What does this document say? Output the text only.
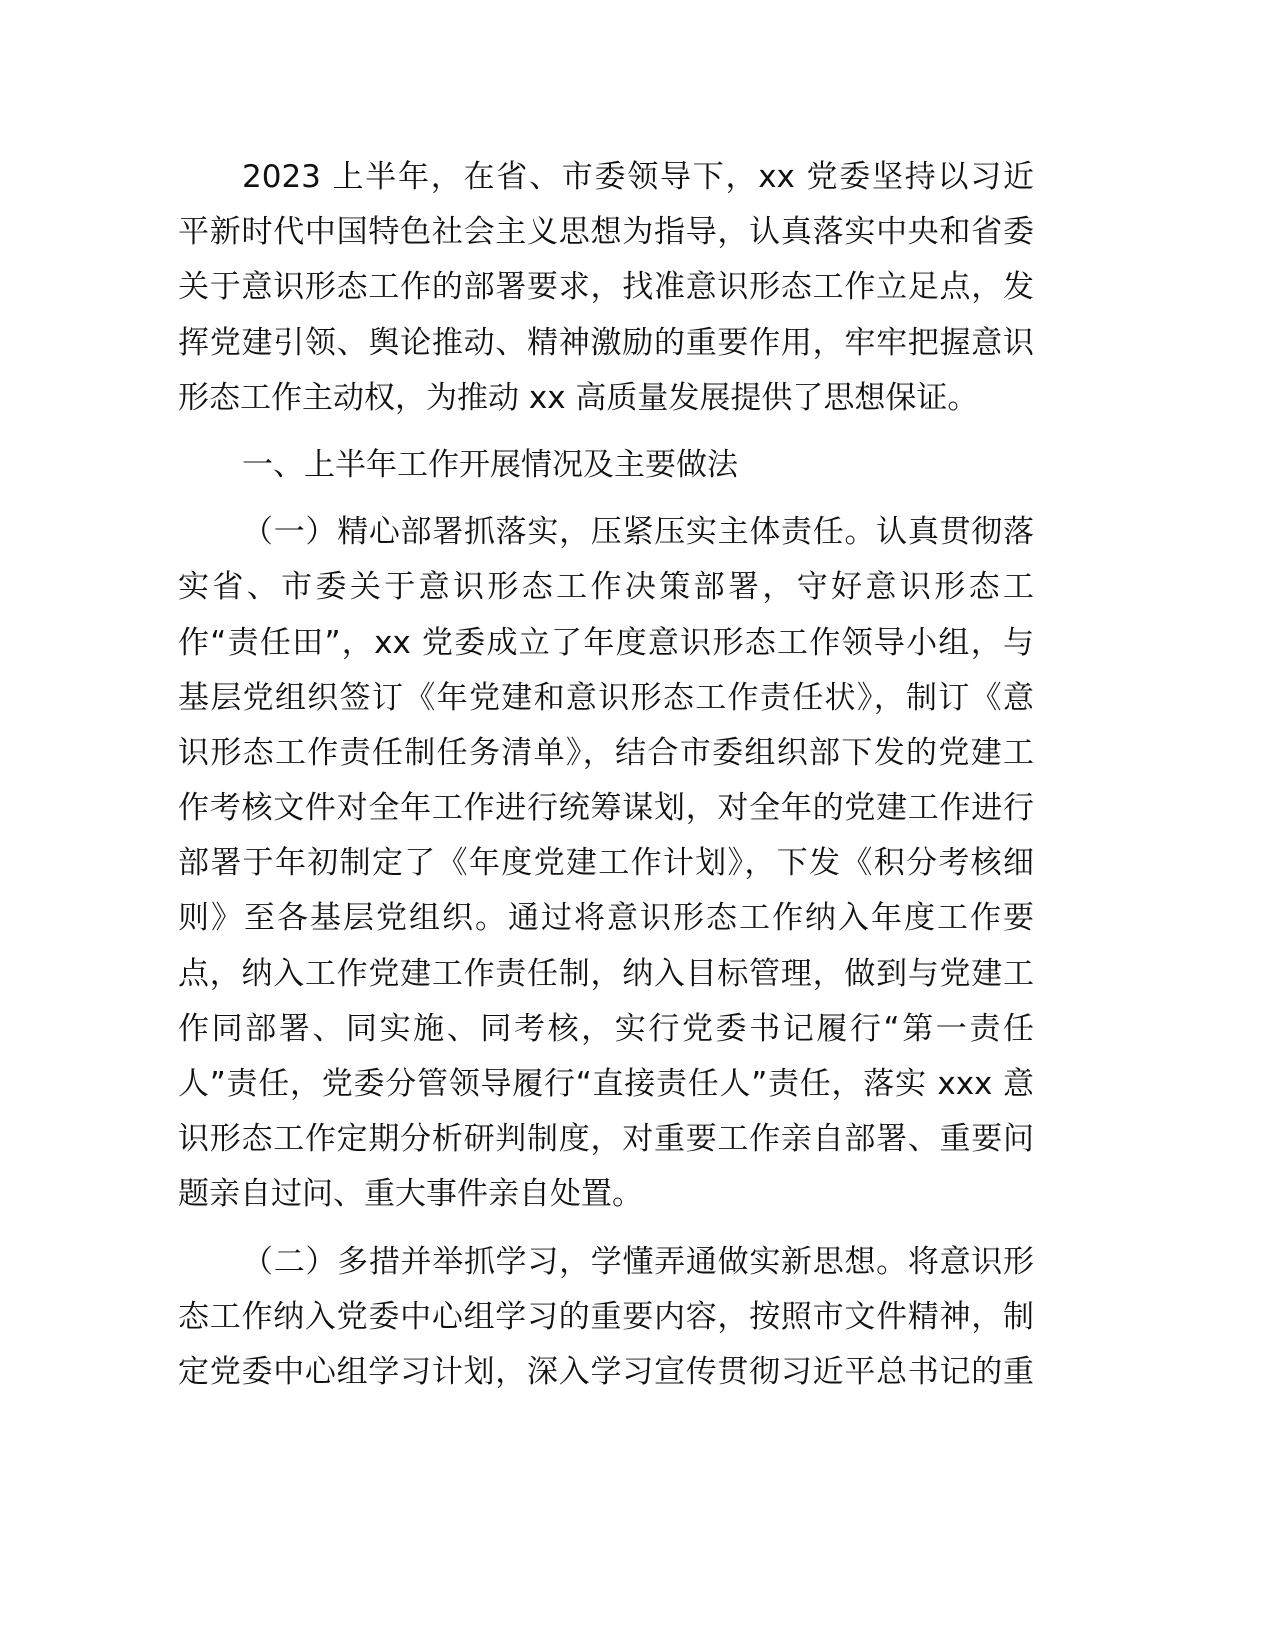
2023 上半年，在省、市委领导下，xx 党委坚持以习近
平新时代中国特色社会主义思想为指导，认真落实中央和省委
关于意识形态工作的部署要求，找准意识形态工作立足点，发
挥党建引领、舆论推动、精神激励的重要作用，牢牢把握意识
形态工作主动权，为推动 xx 高质量发展提供了思想保证。
一、上半年工作开展情况及主要做法
（一）精心部署抓落实，压紧压实主体责任。认真贯彻落
实省、市委关于意识形态工作决策部署，守好意识形态工
作“责任田”，xx 党委成立了年度意识形态工作领导小组，与
基层党组织签订《年党建和意识形态工作责任状》，制订《意
识形态工作责任制任务清单》，结合市委组织部下发的党建工
作考核文件对全年工作进行统筹谋划，对全年的党建工作进行
部署于年初制定了《年度党建工作计划》，下发《积分考核细
则》至各基层党组织。通过将意识形态工作纳入年度工作要
点，纳入工作党建工作责任制，纳入目标管理，做到与党建工
作同部署、同实施、同考核，实行党委书记履行“第一责任
人”责任，党委分管领导履行“直接责任人”责任，落实 xxx 意
识形态工作定期分析研判制度，对重要工作亲自部署、重要问
题亲自过问、重大事件亲自处置。
（二）多措并举抓学习，学懂弄通做实新思想。将意识形
态工作纳入党委中心组学习的重要内容，按照市文件精神，制
定党委中心组学习计划，深入学习宣传贯彻习近平总书记的重
